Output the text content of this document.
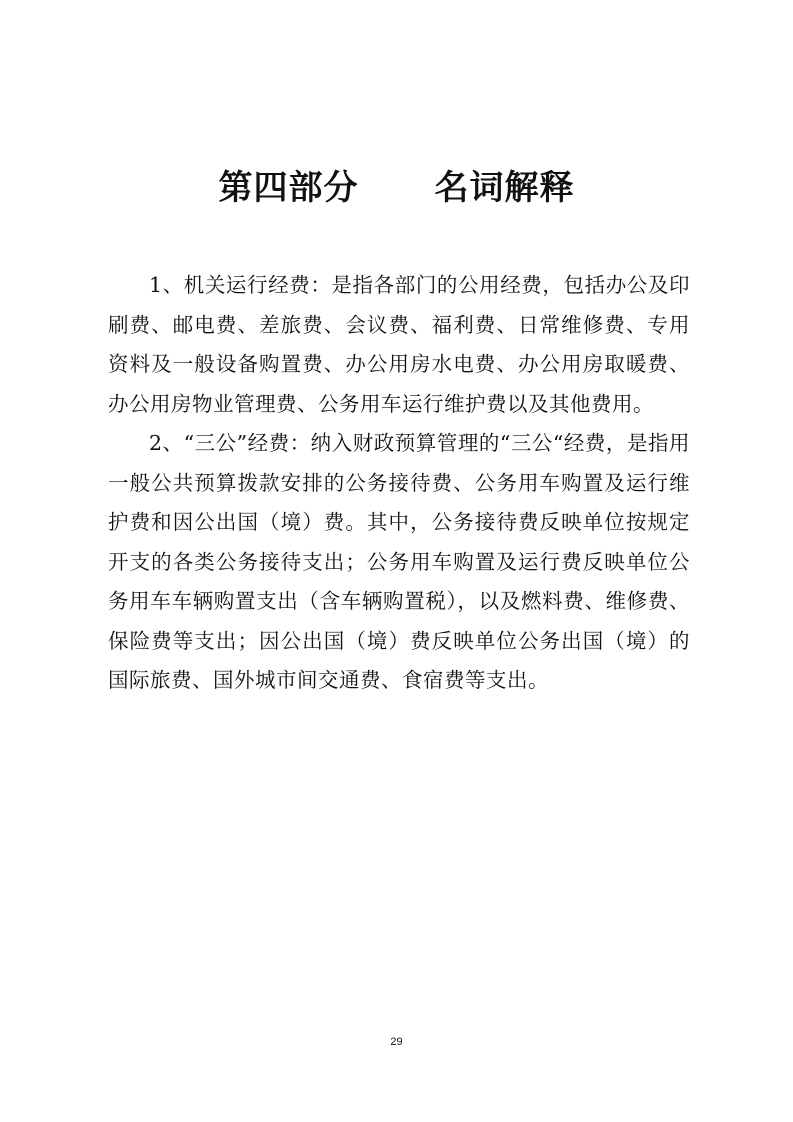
第四部分 名词解释

1、机关运行经费：是指各部门的公用经费，包括办公及印刷费、邮电费、差旅费、会议费、福利费、日常维修费、专用资料及一般设备购置费、办公用房水电费、办公用房取暖费、办公用房物业管理费、公务用车运行维护费以及其他费用。

2、“三公”经费：纳入财政预算管理的“三公“经费，是指用一般公共预算拨款安排的公务接待费、公务用车购置及运行维护费和因公出国（境）费。其中，公务接待费反映单位按规定开支的各类公务接待支出；公务用车购置及运行费反映单位公务用车车辆购置支出（含车辆购置税），以及燃料费、维修费、保险费等支出；因公出国（境）费反映单位公务出国（境）的国际旅费、国外城市间交通费、食宿费等支出。

29
